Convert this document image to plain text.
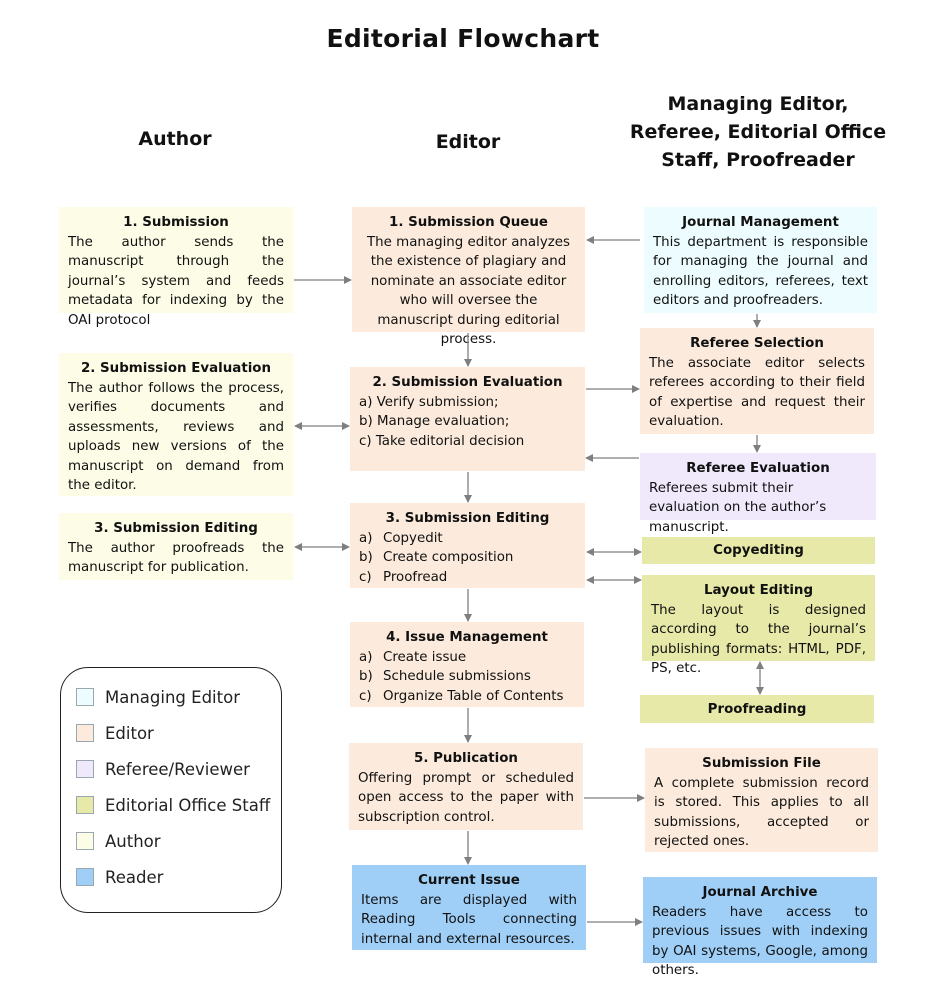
Editorial Flowchart
Author	Editor
Managing Editor,
Referee, Editorial Office
Staff, Proofreader
1. Submission
The author sends the manuscript through the journal’s system and feeds metadata for indexing by the OAI protocol
2. Submission Evaluation
The author follows the process, verifies documents and assessments, reviews and uploads new versions of the manuscript on demand from the editor.
3. Submission Editing
The author proofreads the manuscript for publication.
1. Submission Queue
The managing editor analyzes the existence of plagiary and nominate an associate editor who will oversee the manuscript during editorial process.
2. Submission Evaluation
a) Verify submission;
b) Manage evaluation;
c) Take editorial decision
3. Submission Editing
a) Copyedit
b) Create composition
c) Proofread
4. Issue Management
a) Create issue
b) Schedule submissions
c) Organize Table of Contents
5. Publication
Offering prompt or scheduled open access to the paper with subscription control.
Current Issue
Items are displayed with Reading Tools connecting internal and external resources.
Journal Management
This department is responsible for managing the journal and enrolling editors, referees, text editors and proofreaders.
Referee Selection
The associate editor selects referees according to their field of expertise and request their evaluation.
Referee Evaluation
Referees submit their evaluation on the author’s manuscript.
Copyediting
Layout Editing
The layout is designed according to the journal’s publishing formats: HTML, PDF, PS, etc.
Proofreading
Submission File
A complete submission record is stored. This applies to all submissions, accepted or rejected ones.
Journal Archive
Readers have access to previous issues with indexing by OAI systems, Google, among others.
Managing Editor
Editor
Referee/Reviewer
Editorial Office Staff
Author
Reader
